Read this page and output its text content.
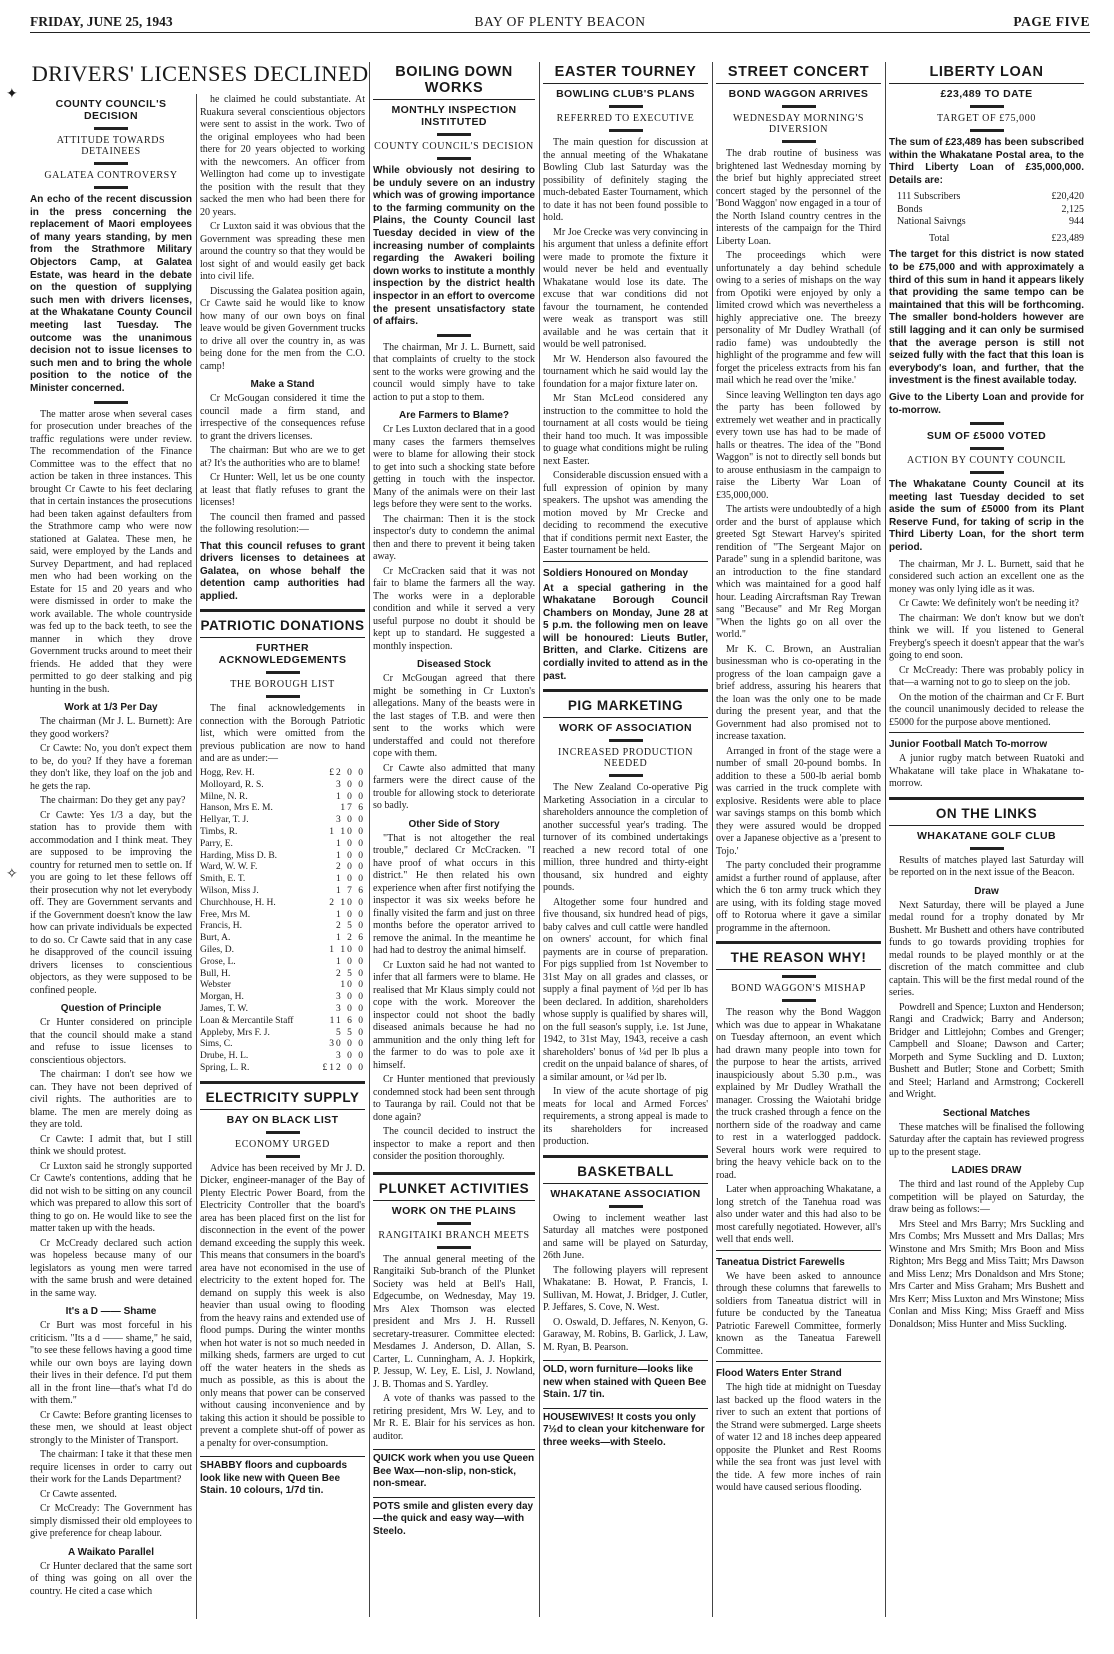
FRIDAY, JUNE 25, 1943	BAY OF PLENTY BEACON	PAGE FIVE
DRIVERS' LICENSES DECLINED
COUNTY COUNCIL'S DECISION
ATTITUDE TOWARDS DETAINEES
GALATEA CONTROVERSY
An echo of the recent discussion in the press concerning the replacement of Maori employees of many years standing, by men from the Strathmore Military Objectors Camp, at Galatea Estate, was heard in the debate on the question of supplying such men with drivers licenses, at the Whakatane County Council meeting last Tuesday. The outcome was the unanimous decision not to issue licenses to such men and to bring the whole position to the notice of the Minister concerned.

The matter arose when several cases for prosecution under breaches of the traffic regulations were under review. The recommendation of the Finance Committee was to the effect that no action be taken in three instances. This brought Cr Cawte to his feet declaring that in certain instances the prosecutions had been taken against defaulters from the Strathmore camp who were now stationed at Galatea. These men, he said, were employed by the Lands and Survey Department, and had replaced men who had been working on the Estate for 15 and 20 years and who were dismissed in order to make the work available. The whole countryside was fed up to the back teeth, to see the manner in which they drove Government trucks around to meet their friends. He added that they were permitted to go deer stalking and pig hunting in the bush.

Work at 1/3 Per Day

The chairman (Mr J. L. Burnett): Are they good workers?

Cr Cawte: No, you don't expect them to be, do you? If they have a foreman they don't like, they loaf on the job and he gets the rap.

The chairman: Do they get any pay?

Cr Cawte: Yes 1/3 a day, but the station has to provide them with accommodation and I think meat. They are supposed to be improving the country for returned men to settle on. If you are going to let these fellows off their prosecution why not let everybody off. They are Government servants and if the Government doesn't know the law how can private individuals be expected to do so. Cr Cawte said that in any case he disapproved of the council issuing drivers licenses to conscientious objectors, as they were supposed to be confined people.

Question of Principle

Cr Hunter considered on principle that the council should make a stand and refuse to issue licenses to conscientious objectors.

The chairman: I don't see how we can. They have not been deprived of civil rights. The authorities are to blame. The men are merely doing as they are told.

Cr Cawte: I admit that, but I still think we should protest.

Cr Luxton said he strongly supported Cr Cawte's contentions, adding that he did not wish to be sitting on any council which was prepared to allow this sort of thing to go on. He would like to see the matter taken up with the heads.

Cr McCready declared such action was hopeless because many of our legislators as young men were tarred with the same brush and were detained in the same way.

It's a D —— Shame

Cr Burt was most forceful in his criticism. "Its a d —— shame," he said, "to see these fellows having a good time while our own boys are laying down their lives in their defence. I'd put them all in the front line—that's what I'd do with them."

Cr Cawte: Before granting licenses to these men, we should at least object strongly to the Minister of Transport.

The chairman: I take it that these men require licenses in order to carry out their work for the Lands Department?

Cr Cawte assented.

Cr McCready: The Government has simply dismissed their old employees to give preference for cheap labour.

A Waikato Parallel

Cr Hunter declared that the same sort of thing was going on all over the country. He cited a case which

he claimed he could substantiate. At Ruakura several conscientious objectors were sent to assist in the work. Two of the original employees who had been there for 20 years objected to working with the newcomers. An officer from Wellington had come up to investigate the position with the result that they sacked the men who had been there for 20 years.

Cr Luxton said it was obvious that the Government was spreading these men around the country so that they would be lost sight of and would easily get back into civil life.

Discussing the Galatea position again, Cr Cawte said he would like to know how many of our own boys on final leave would be given Government trucks to drive all over the country in, as was being done for the men from the C.O. camp!

Make a Stand

Cr McGougan considered it time the council made a firm stand, and irrespective of the consequences refuse to grant the drivers licenses.

The chairman: But who are we to get at? It's the authorities who are to blame!

Cr Hunter: Well, let us be one county at least that flatly refuses to grant the licenses!

The council then framed and passed the following resolution:—

That this council refuses to grant drivers licenses to detainees at Galatea, on whose behalf the detention camp authorities had applied.
PATRIOTIC DONATIONS
FURTHER ACKNOWLEDGEMENTS
THE BOROUGH LIST

The final acknowledgements in connection with the Borough Patriotic list, which were omitted from the previous publication are now to hand and are as under:—

Hogg, Rev. H.	£2 0 0
Molloyard, R. S.	3 0 0
Milne, N. R.	1 0 0
Hanson, Mrs E. M.	17 6
Hellyar, T. J.	3 0 0
Timbs, R.	1 10 0
Parry, E.	1 0 0
Harding, Miss D. B.	1 0 0
Ward, W. W. F.	2 0 0
Smith, E. T.	1 0 0
Wilson, Miss J.	1 7 6
Churchhouse, H. H.	2 10 0
Free, Mrs M.	1 0 0
Francis, H.	2 5 0
Burt, A.	1 2 6
Giles, D.	1 10 0
Grose, L.	1 0 0
Bull, H.	2 5 0
Webster	10 0
Morgan, H.	3 0 0
James, T. W.	3 0 0
Loan & Mercantile Staff	11 6 0
Appleby, Mrs F. J.	5 5 0
Sims, C.	30 0 0
Drube, H. L.	3 0 0
Spring, L. R.	£12 0 0
ELECTRICITY SUPPLY
BAY ON BLACK LIST
ECONOMY URGED

Advice has been received by Mr J. D. Dicker, engineer-manager of the Bay of Plenty Electric Power Board, from the Electricity Controller that the board's area has been placed first on the list for disconnection in the event of the power demand exceeding the supply this week. This means that consumers in the board's area have not economised in the use of electricity to the extent hoped for. The demand on supply this week is also heavier than usual owing to flooding from the heavy rains and extended use of flood pumps. During the winter months when hot water is not so much needed in milking sheds, farmers are urged to cut off the water heaters in the sheds as much as possible, as this is about the only means that power can be conserved without causing inconvenience and by taking this action it should be possible to prevent a complete shut-off of power as a penalty for over-consumption.

SHABBY floors and cupboards look like new with Queen Bee Stain. 10 colours, 1/7d tin.
BOILING DOWN WORKS
MONTHLY INSPECTION INSTITUTED
COUNTY COUNCIL'S DECISION
While obviously not desiring to be unduly severe on an industry which was of growing importance to the farming community on the Plains, the County Council last Tuesday decided in view of the increasing number of complaints regarding the Awakeri boiling down works to institute a monthly inspection by the district health inspector in an effort to overcome the present unsatisfactory state of affairs.

The chairman, Mr J. L. Burnett, said that complaints of cruelty to the stock sent to the works were growing and the council would simply have to take action to put a stop to them.

Are Farmers to Blame?

Cr Les Luxton declared that in a good many cases the farmers themselves were to blame for allowing their stock to get into such a shocking state before getting in touch with the inspector. Many of the animals were on their last legs before they were sent to the works.

The chairman: Then it is the stock inspector's duty to condemn the animal then and there to prevent it being taken away.

Cr McCracken said that it was not fair to blame the farmers all the way. The works were in a deplorable condition and while it served a very useful purpose no doubt it should be kept up to standard. He suggested a monthly inspection.

Diseased Stock

Cr McGougan agreed that there might be something in Cr Luxton's allegations. Many of the beasts were in the last stages of T.B. and were then sent to the works which were understaffed and could not therefore cope with them.

Cr Cawte also admitted that many farmers were the direct cause of the trouble for allowing stock to deteriorate so badly.

Other Side of Story

"That is not altogether the real trouble," declared Cr McCracken. "I have proof of what occurs in this district." He then related his own experience when after first notifying the inspector it was six weeks before he finally visited the farm and just on three months before the operator arrived to remove the animal. In the meantime he had had to destroy the animal himself.

Cr Luxton said he had not wanted to infer that all farmers were to blame. He realised that Mr Klaus simply could not cope with the work. Moreover the inspector could not shoot the badly diseased animals because he had no ammunition and the only thing left for the farmer to do was to pole axe it himself.

Cr Hunter mentioned that previously condemned stock had been sent through to Tauranga by rail. Could not that be done again?

The council decided to instruct the inspector to make a report and then consider the position thoroughly.

PLUNKET ACTIVITIES
WORK ON THE PLAINS
RANGITAIKI BRANCH MEETS

The annual general meeting of the Rangitaiki Sub-branch of the Plunket Society was held at Bell's Hall, Edgecumbe, on Wednesday, May 19. Mrs Alex Thomson was elected president and Mrs J. H. Russell secretary-treasurer. Committee elected: Mesdames J. Anderson, D. Allan, S. Carter, L. Cunningham, A. J. Hopkirk, P. Jessup, W. Ley, E. Lisl, J. Nowland, J. B. Thomas and S. Yardley.

A vote of thanks was passed to the retiring president, Mrs W. Ley, and to Mr R. E. Blair for his services as hon. auditor.

QUICK work when you use Queen Bee Wax—non-slip, non-stick, non-smear.
POTS smile and glisten every day —the quick and easy way—with Steelo.
EASTER TOURNEY
BOWLING CLUB'S PLANS
REFERRED TO EXECUTIVE

The main question for discussion at the annual meeting of the Whakatane Bowling Club last Saturday was the possibility of definitely staging the much-debated Easter Tournament, which to date it has not been found possible to hold.

Mr Joe Crecke was very convincing in his argument that unless a definite effort were made to promote the fixture it would never be held and eventually Whakatane would lose its date. The excuse that war conditions did not favour the tournament, he contended were weak as transport was still available and he was certain that it would be well patronised.

Mr W. Henderson also favoured the tournament which he said would lay the foundation for a major fixture later on.

Mr Stan McLeod considered any instruction to the committee to hold the tournament at all costs would be tieing their hand too much. It was impossible to guage what conditions might be ruling next Easter.

Considerable discussion ensued with a full expression of opinion by many speakers. The upshot was amending the motion moved by Mr Crecke and deciding to recommend the executive that if conditions permit next Easter, the Easter tournament be held.

Soldiers Honoured on Monday
At a special gathering in the Whakatane Borough Council Chambers on Monday, June 28 at 5 p.m. the following men on leave will be honoured: Lieuts Butler, Britten, and Clarke. Citizens are cordially invited to attend as in the past.
PIG MARKETING
WORK OF ASSOCIATION
INCREASED PRODUCTION NEEDED

The New Zealand Co-operative Pig Marketing Association in a circular to shareholders announce the completion of another successful year's trading. The turnover of its combined undertakings reached a new record total of one million, three hundred and thirty-eight thousand, six hundred and eighty pounds.

Altogether some four hundred and five thousand, six hundred head of pigs, baby calves and cull cattle were handled on owners' account, for which final payments are in course of preparation. For pigs supplied from 1st November to 31st May on all grades and classes, or supply a final payment of ½d per lb has been declared. In addition, shareholders whose supply is qualified by shares will, on the full season's supply, i.e. 1st June, 1942, to 31st May, 1943, receive a cash shareholders' bonus of ¼d per lb plus a credit on the unpaid balance of shares, of a similar amount, or ¼d per lb.

In view of the acute shortage of pig meats for local and Armed Forces' requirements, a strong appeal is made to its shareholders for increased production.

BASKETBALL
WHAKATANE ASSOCIATION

Owing to inclement weather last Saturday all matches were postponed and same will be played on Saturday, 26th June.

The following players will represent Whakatane: B. Howat, P. Francis, I. Sullivan, M. Howat, J. Bridger, J. Cutler, P. Jeffares, S. Cove, N. West.

O. Oswald, D. Jeffares, N. Kenyon, G. Garaway, M. Robins, B. Garlick, J. Law, M. Ryan, B. Pearson.

OLD, worn furniture—looks like new when stained with Queen Bee Stain. 1/7 tin.
HOUSEWIVES! It costs you only 7½d to clean your kitchenware for three weeks—with Steelo.
STREET CONCERT
BOND WAGGON ARRIVES
WEDNESDAY MORNING'S DIVERSION

The drab routine of business was brightened last Wednesday morning by the brief but highly appreciated street concert staged by the personnel of the 'Bond Waggon' now engaged in a tour of the North Island country centres in the interests of the campaign for the Third Liberty Loan.

The proceedings which were unfortunately a day behind schedule owing to a series of mishaps on the way from Opotiki were enjoyed by only a limited crowd which was nevertheless a highly appreciative one. The breezy personality of Mr Dudley Wrathall (of radio fame) was undoubtedly the highlight of the programme and few will forget the priceless extracts from his fan mail which he read over the 'mike.'

Since leaving Wellington ten days ago the party has been followed by extremely wet weather and in practically every town use has had to be made of halls or theatres. The idea of the "Bond Waggon" is not to directly sell bonds but to arouse enthusiasm in the campaign to raise the Liberty War Loan of £35,000,000.

The artists were undoubtedly of a high order and the burst of applause which greeted Sgt Stewart Harvey's spirited rendition of "The Sergeant Major on Parade" sung in a splendid baritone, was an introduction to the fine standard which was maintained for a good half hour. Leading Aircraftsman Ray Trewan sang "Because" and Mr Reg Morgan "When the lights go on all over the world."

Mr K. C. Brown, an Australian businessman who is co-operating in the progress of the loan campaign gave a brief address, assuring his hearers that the loan was the only one to be made during the present year, and that the Government had also promised not to increase taxation.

Arranged in front of the stage were a number of small 20-pound bombs. In addition to these a 500-lb aerial bomb was carried in the truck complete with explosive. Residents were able to place war savings stamps on this bomb which they were assured would be dropped over a Japanese objective as a 'present to Tojo.'

The party concluded their programme amidst a further round of applause, after which the 6 ton army truck which they are using, with its folding stage moved off to Rotorua where it gave a similar programme in the afternoon.

THE REASON WHY!
BOND WAGGON'S MISHAP

The reason why the Bond Waggon which was due to appear in Whakatane on Tuesday afternoon, an event which had drawn many people into town for the purpose to hear the artists, arrived inauspiciously about 5.30 p.m., was explained by Mr Dudley Wrathall the manager. Crossing the Waiotahi bridge the truck crashed through a fence on the northern side of the roadway and came to rest in a waterlogged paddock. Several hours work were required to bring the heavy vehicle back on to the road.

Later when approaching Whakatane, a long stretch of the Tanehua road was also under water and this had also to be most carefully negotiated. However, all's well that ends well.

Taneatua District Farewells

We have been asked to announce through these columns that farewells to soldiers from Taneatua district will in future be conducted by the Taneatua Patriotic Farewell Committee, formerly known as the Taneatua Farewell Committee.

Flood Waters Enter Strand

The high tide at midnight on Tuesday last backed up the flood waters in the river to such an extent that portions of the Strand were submerged. Large sheets of water 12 and 18 inches deep appeared opposite the Plunket and Rest Rooms while the sea front was just level with the tide. A few more inches of rain would have caused serious flooding.

LIBERTY LOAN
£23,489 TO DATE
TARGET OF £75,000
The sum of £23,489 has been subscribed within the Whakatane Postal area, to the Third Liberty Loan of £35,000,000. Details are:
111 Subscribers	£20,420
Bonds	2,125
National Saivngs	944
Total	£23,489
The target for this district is now stated to be £75,000 and with approximately a third of this sum in hand it appears likely that providing the same tempo can be maintained that this will be forthcoming. The smaller bond-holders however are still lagging and it can only be surmised that the average person is still not seized fully with the fact that this loan is everybody's loan, and further, that the investment is the finest available today.
Give to the Liberty Loan and provide for to-morrow.
SUM OF £5000 VOTED
ACTION BY COUNTY COUNCIL
The Whakatane County Council at its meeting last Tuesday decided to set aside the sum of £5000 from its Plant Reserve Fund, for taking of scrip in the Third Liberty Loan, for the short term period.

The chairman, Mr J. L. Burnett, said that he considered such action an excellent one as the money was only lying idle as it was.

Cr Cawte: We definitely won't be needing it?

The chairman: We don't know but we don't think we will. If you listened to General Freyberg's speech it doesn't appear that the war's going to end soon.

Cr McCready: There was probably policy in that—a warning not to go to sleep on the job.

On the motion of the chairman and Cr F. Burt the council unanimously decided to release the £5000 for the purpose above mentioned.

Junior Football Match To-morrow

A junior rugby match between Ruatoki and Whakatane will take place in Whakatane to-morrow.

ON THE LINKS
WHAKATANE GOLF CLUB

Results of matches played last Saturday will be reported on in the next issue of the Beacon.

Draw

Next Saturday, there will be played a June medal round for a trophy donated by Mr Bushett. Mr Bushett and others have contributed funds to go towards providing trophies for medal rounds to be played monthly or at the discretion of the match committee and club captain. This will be the first medal round of the series.

Powdrell and Spence; Luxton and Henderson; Rangi and Cradwick; Barry and Anderson; Bridger and Littlejohn; Combes and Grenger; Campbell and Sloane; Dawson and Carter; Morpeth and Syme Suckling and D. Luxton; Bushett and Butler; Stone and Corbett; Smith and Steel; Harland and Armstrong; Cockerell and Wright.

Sectional Matches

These matches will be finalised the following Saturday after the captain has reviewed progress up to the present stage.

LADIES DRAW

The third and last round of the Appleby Cup competition will be played on Saturday, the draw being as follows:—

Mrs Steel and Mrs Barry; Mrs Suckling and Mrs Combs; Mrs Mussett and Mrs Dallas; Mrs Winstone and Mrs Smith; Mrs Boon and Miss Righton; Mrs Begg and Miss Taitt; Mrs Dawson and Miss Lenz; Mrs Donaldson and Mrs Stone; Mrs Carter and Miss Graham; Mrs Bushett and Mrs Kerr; Miss Luxton and Mrs Winstone; Miss Conlan and Miss King; Miss Graeff and Miss Donaldson; Miss Hunter and Miss Suckling.

✦
✧
